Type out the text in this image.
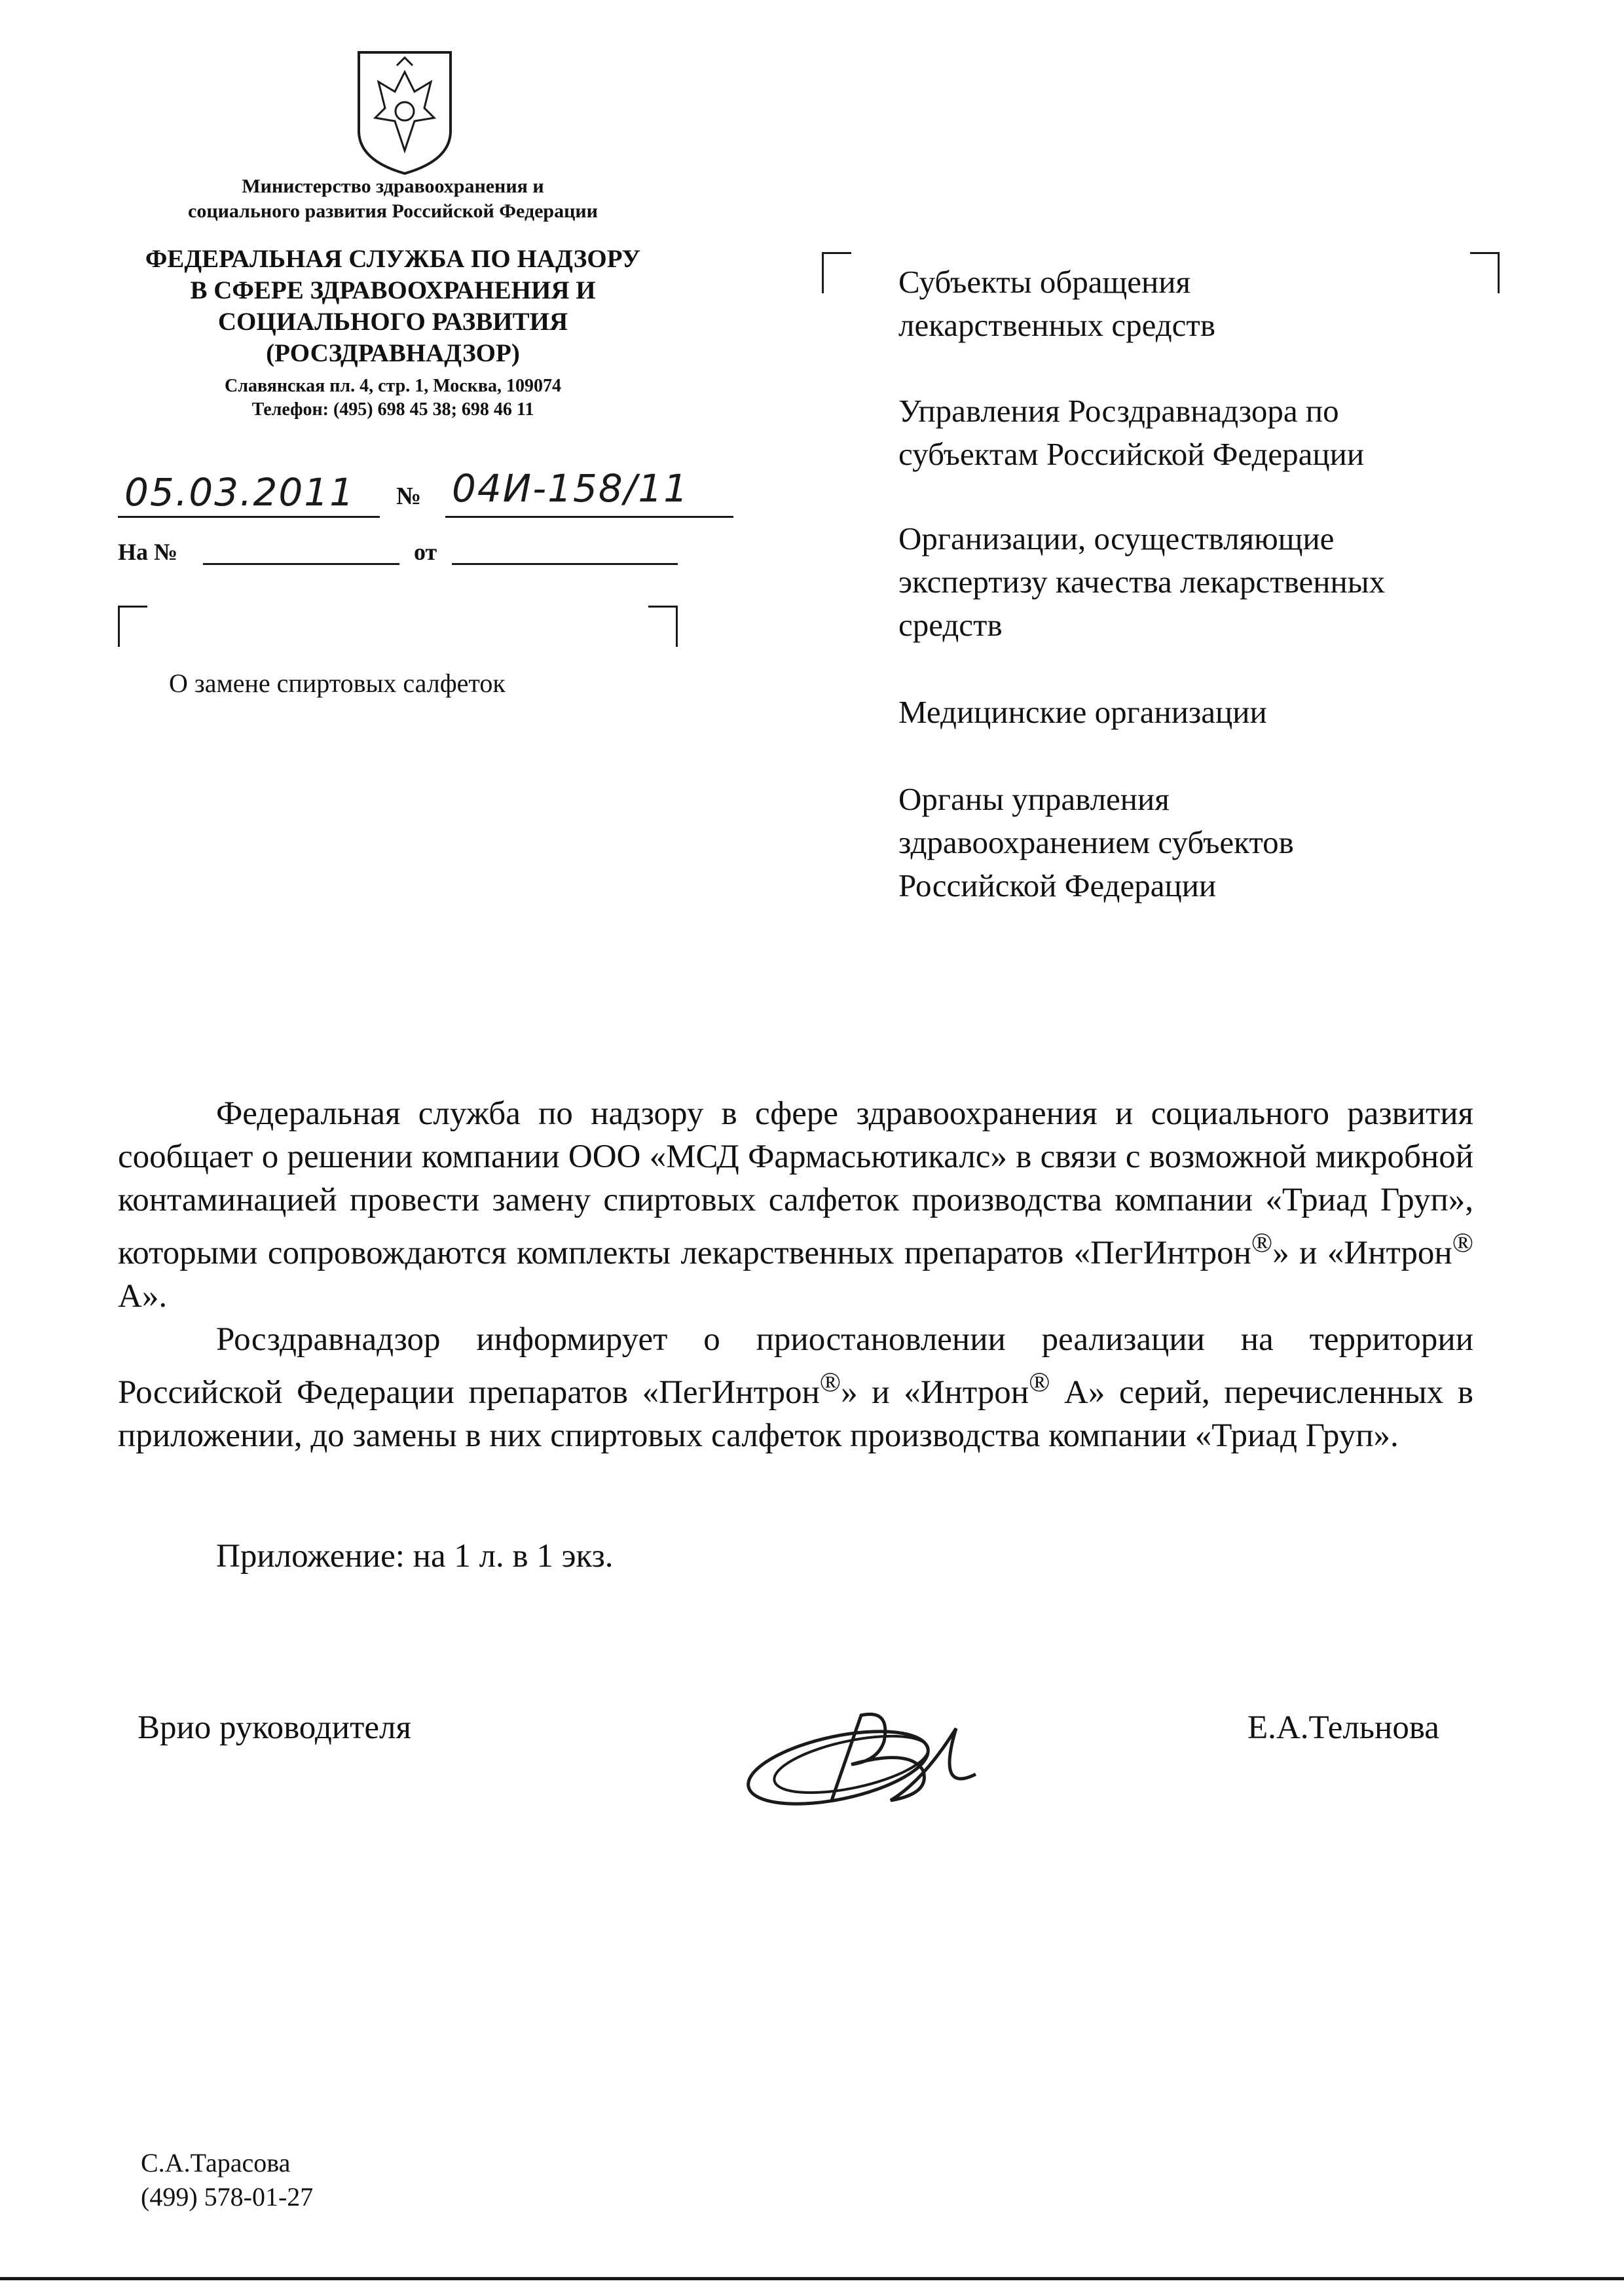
Министерство здравоохранения и
социального развития Российской Федерации
ФЕДЕРАЛЬНАЯ СЛУЖБА ПО НАДЗОРУ
В СФЕРЕ ЗДРАВООХРАНЕНИЯ И
СОЦИАЛЬНОГО РАЗВИТИЯ
(РОСЗДРАВНАДЗОР)
Славянская пл. 4, стр. 1, Москва, 109074
Телефон: (495) 698 45 38; 698 46 11
05.03.2011 № 04И-158/11
На №	от
О замене спиртовых салфеток
Субъекты обращения
лекарственных средств
Управления Росздравнадзора по
субъектам Российской Федерации
Организации, осуществляющие
экспертизу качества лекарственных
средств
Медицинские организации
Органы управления
здравоохранением субъектов
Российской Федерации

Федеральная служба по надзору в сфере здравоохранения и социального развития сообщает о решении компании ООО «МСД Фармасьютикалс» в связи с возможной микробной контаминацией провести замену спиртовых салфеток производства компании «Триад Груп», которыми сопровождаются комплекты лекарственных препаратов «ПегИнтрон®» и «Интрон® А».

Росздравнадзор информирует о приостановлении реализации на территории Российской Федерации препаратов «ПегИнтрон®» и «Интрон® А» серий, перечисленных в приложении, до замены в них спиртовых салфеток производства компании «Триад Груп».

Приложение: на 1 л. в 1 экз.
Врио руководителя	Е.А.Тельнова
С.А.Тарасова
(499) 578-01-27
